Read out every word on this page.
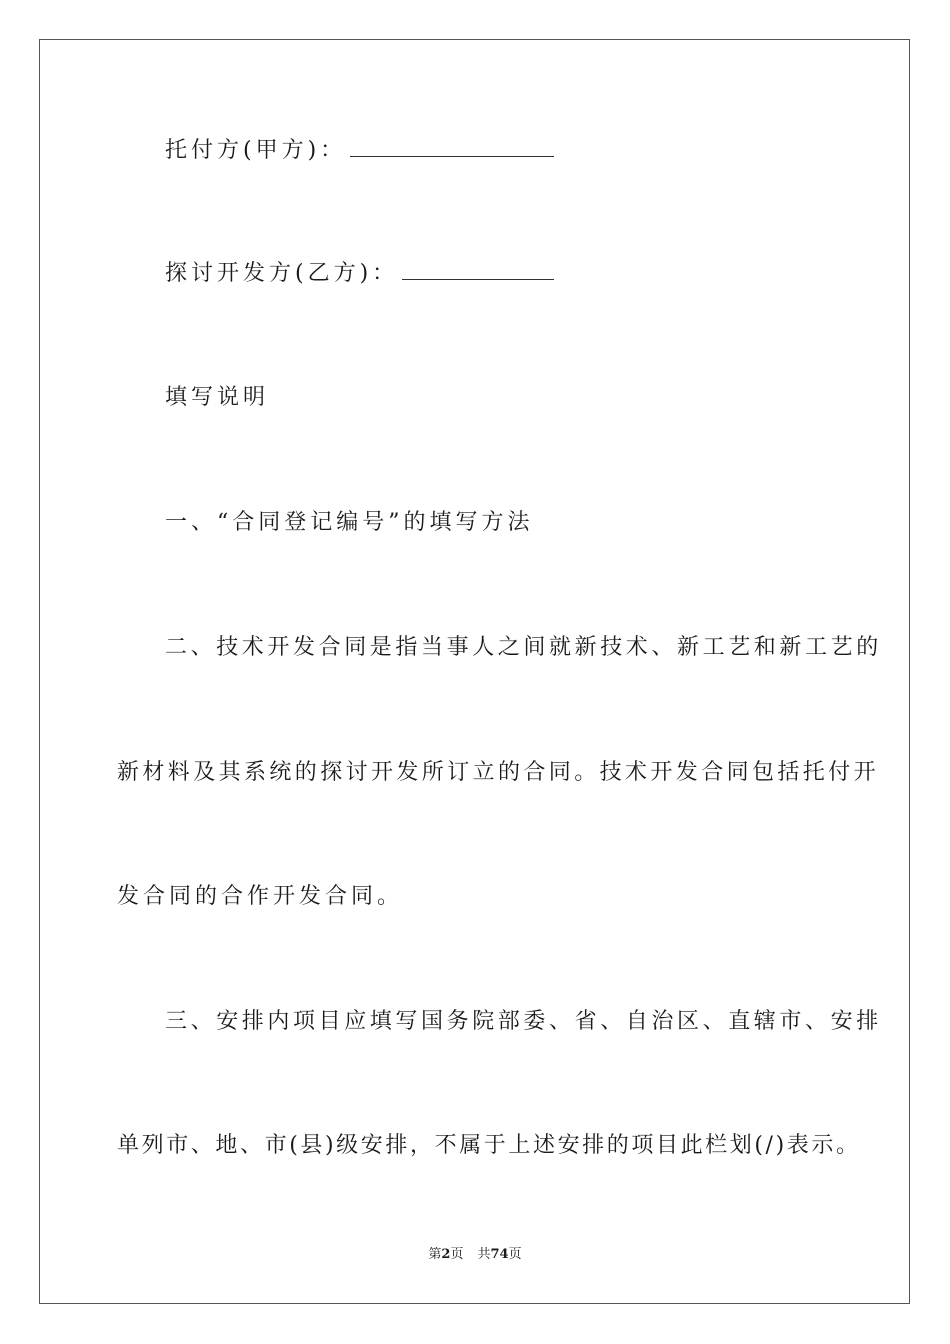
托付方(甲方)：
探讨开发方(乙方)：
填写说明
一、“合同登记编号”的填写方法
二、技术开发合同是指当事人之间就新技术、新工艺和新工艺的
新材料及其系统的探讨开发所订立的合同。技术开发合同包括托付开
发合同的合作开发合同。
三、安排内项目应填写国务院部委、省、自治区、直辖市、安排
单列市、地、市(县)级安排，不属于上述安排的项目此栏划(/)表示。
第2页 共74页
